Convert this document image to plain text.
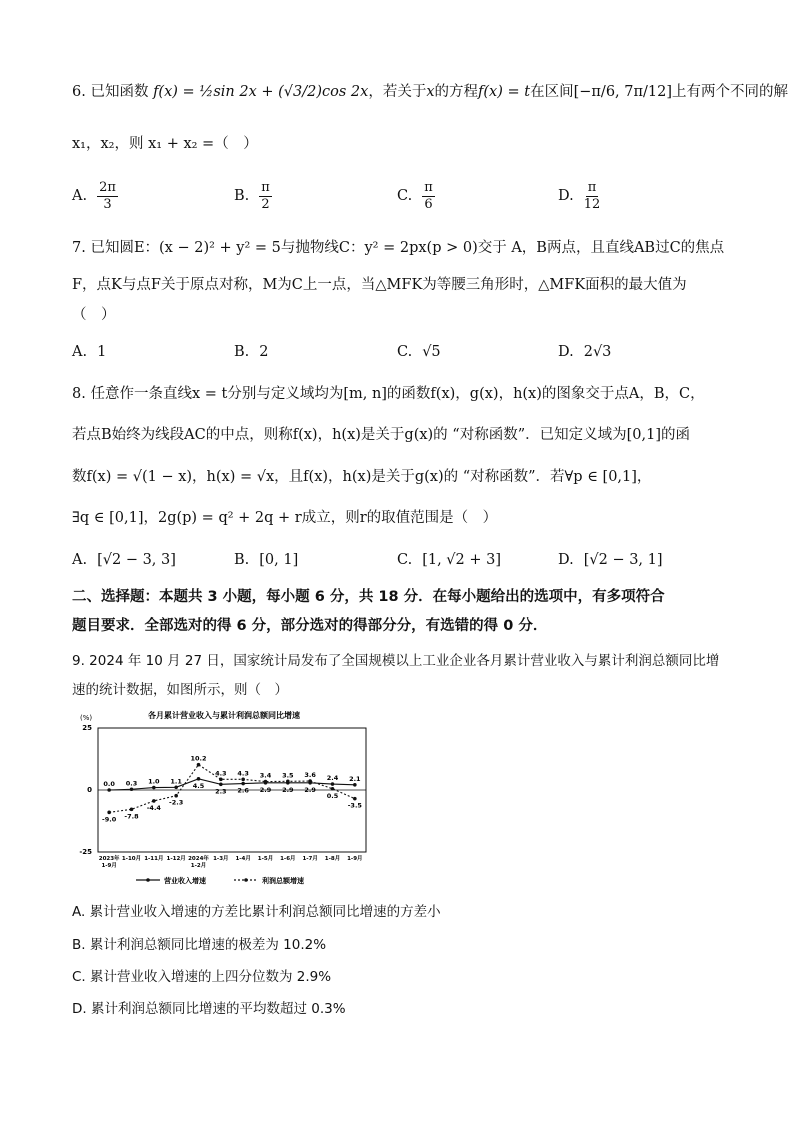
6. 已知函数 f(x) = ½sin 2x + (√3/2)cos 2x，若关于x的方程f(x) = t在区间[−π/6, 7π/12]上有两个不同的解
x₁，x₂，则 x₁ + x₂ =（　）
A. $\frac{2\pi}{3}$	B. $\frac{\pi}{2}$	C. $\frac{\pi}{6}$	D. $\frac{\pi}{12}$
7. 已知圆E：(x − 2)² + y² = 5与抛物线C：y² = 2px(p > 0)交于 A，B两点，且直线AB过C的焦点
F，点K与点F关于原点对称，M为C上一点，当△MFK为等腰三角形时，△MFK面积的最大值为
（　）
A. 1	B. 2	C. √5	D. 2√3
8. 任意作一条直线x = t分别与定义域均为[m, n]的函数f(x)，g(x)，h(x)的图象交于点A，B，C，
若点B始终为线段AC的中点，则称f(x)，h(x)是关于g(x)的 “对称函数”．已知定义域为[0,1]的函
数f(x) = √(1 − x)，h(x) = √x，且f(x)，h(x)是关于g(x)的 “对称函数”．若∀p ∈ [0,1]，
∃q ∈ [0,1]，2g(p) = q² + 2q + r成立，则r的取值范围是（　）
A. [√2 − 3, 3]	B. [0, 1]	C. [1, √2 + 3]	D. [√2 − 3, 1]
二、选择题：本题共 3 小题，每小题 6 分，共 18 分．在每小题给出的选项中，有多项符合
题目要求．全部选对的得 6 分，部分选对的得部分分，有选错的得 0 分．
9. 2024 年 10 月 27 日，国家统计局发布了全国规模以上工业企业各月累计营业收入与累计利润总额同比增
速的统计数据，如图所示，则（　）
各月累计营业收入与累计利润总额同比增速
(%)
25
0
-25
2023年
1-9月
1-10月 1-11月 1-12月 2024年
1-2月
1-3月 1-4月 1-5月 1-6月 1-7月 1-8月 1-9月
0.0 0.3 1.0 1.1
4.5
2.3 2.6 2.9 2.9 2.9
2.4 2.1
-9.0 -7.8
-4.4
-2.3
10.2
4.3 4.3 3.4 3.5 3.6
0.5
-3.5
营业收入增速	利润总额增速
A. 累计营业收入增速的方差比累计利润总额同比增速的方差小
B. 累计利润总额同比增速的极差为 10.2%
C. 累计营业收入增速的上四分位数为 2.9%
D. 累计利润总额同比增速的平均数超过 0.3%
